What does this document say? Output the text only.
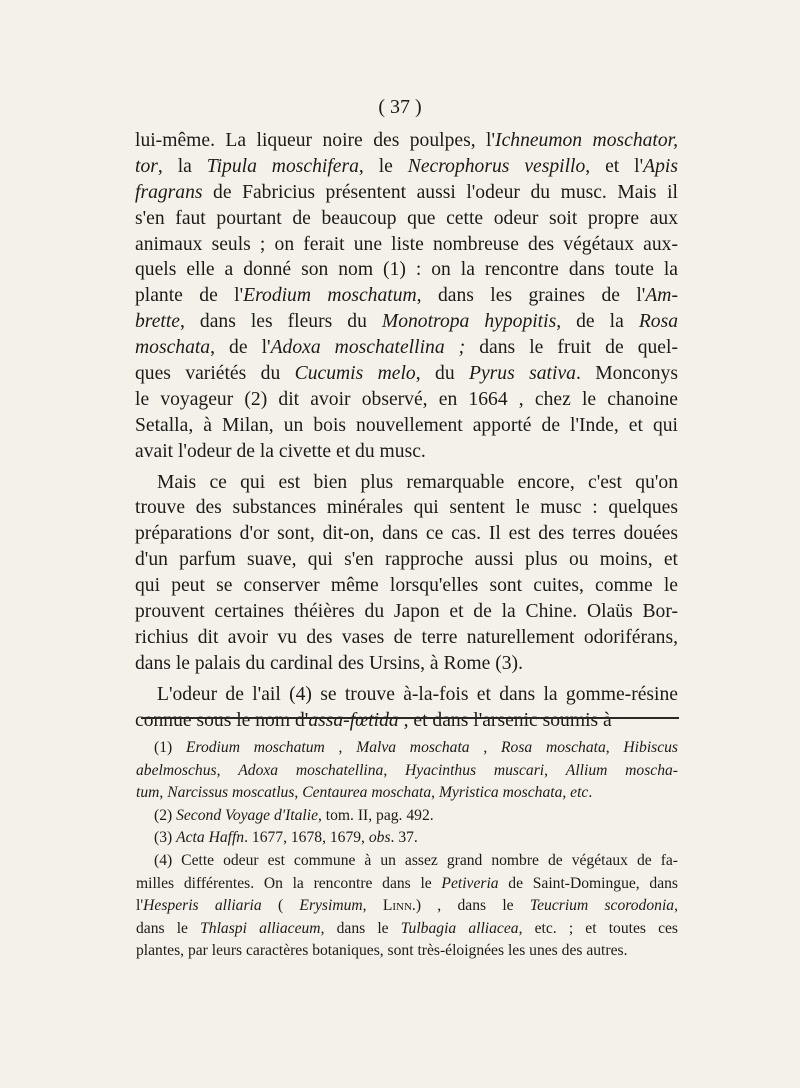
( 37 )
lui-même. La liqueur noire des poulpes, l'Ichneumon moschator,
tor, la Tipula moschifera, le Necrophorus vespillo, et l'Apis
fragrans de Fabricius présentent aussi l'odeur du musc. Mais il
s'en faut pourtant de beaucoup que cette odeur soit propre aux
animaux seuls ; on ferait une liste nombreuse des végétaux aux-
quels elle a donné son nom (1) : on la rencontre dans toute la
plante de l'Erodium moschatum, dans les graines de l'Am-
brette, dans les fleurs du Monotropa hypopitis, de la Rosa
moschata, de l'Adoxa moschatellina ; dans le fruit de quel-
ques variétés du Cucumis melo, du Pyrus sativa. Monconys
le voyageur (2) dit avoir observé, en 1664 , chez le chanoine
Setalla, à Milan, un bois nouvellement apporté de l'Inde, et qui
avait l'odeur de la civette et du musc.
Mais ce qui est bien plus remarquable encore, c'est qu'on
trouve des substances minérales qui sentent le musc : quelques
préparations d'or sont, dit-on, dans ce cas. Il est des terres douées
d'un parfum suave, qui s'en rapproche aussi plus ou moins, et
qui peut se conserver même lorsqu'elles sont cuites, comme le
prouvent certaines théières du Japon et de la Chine. Olaüs Bor-
richius dit avoir vu des vases de terre naturellement odoriférans,
dans le palais du cardinal des Ursins, à Rome (3).
L'odeur de l'ail (4) se trouve à-la-fois et dans la gomme-résine
connue sous le nom d'assa-fœtida , et dans l'arsenic soumis à
(1) Erodium moschatum , Malva moschata , Rosa moschata, Hibiscus
abelmoschus, Adoxa moschatellina, Hyacinthus muscari, Allium moscha-
tum, Narcissus moscatlus, Centaurea moschata, Myristica moschata, etc.
(2) Second Voyage d'Italie, tom. II, pag. 492.
(3) Acta Haffn. 1677, 1678, 1679, obs. 37.
(4) Cette odeur est commune à un assez grand nombre de végétaux de fa-
milles différentes. On la rencontre dans le Petiveria de Saint-Domingue, dans
l'Hesperis alliaria ( Erysimum, Linn.) , dans le Teucrium scorodonia,
dans le Thlaspi alliaceum, dans le Tulbagia alliacea, etc. ; et toutes ces
plantes, par leurs caractères botaniques, sont très-éloignées les unes des autres.
